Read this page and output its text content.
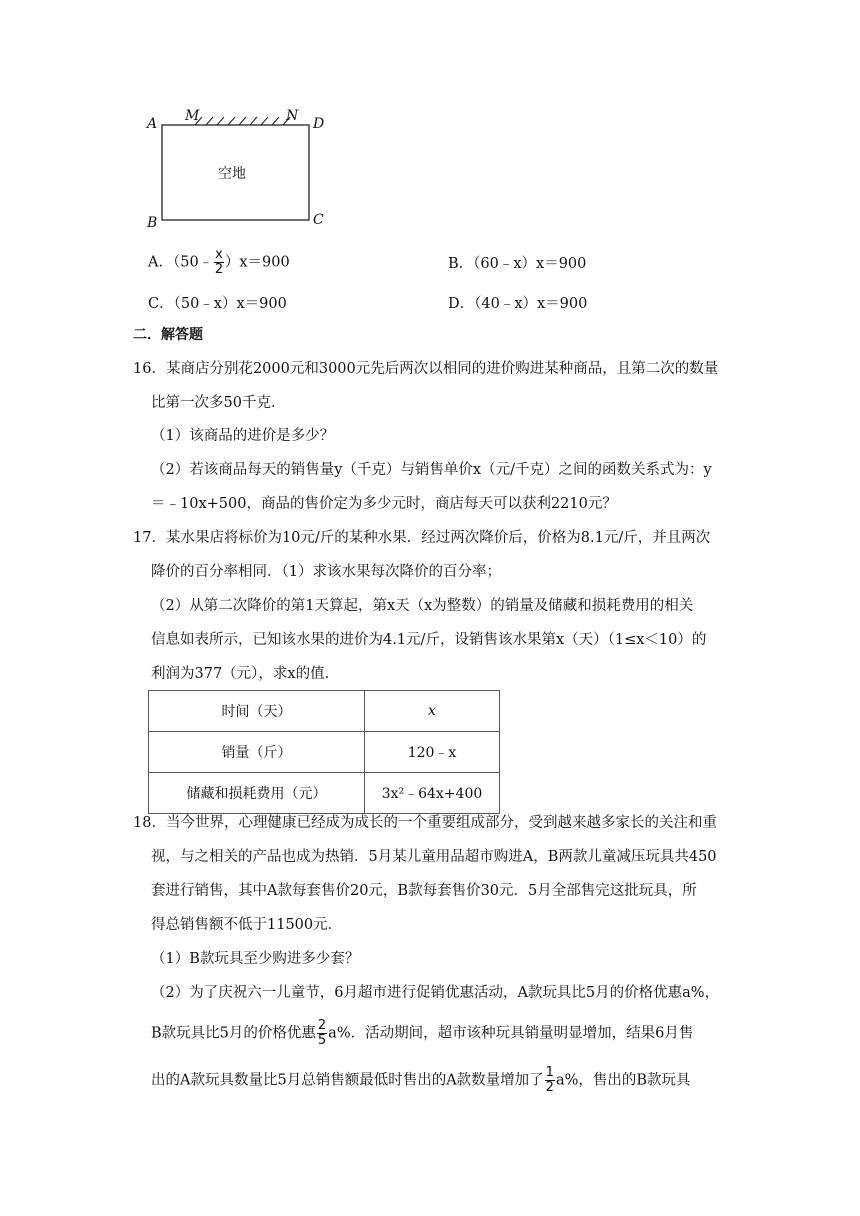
A M	N D
B	C
空地
A．（50﹣ $\frac{x}{2} )x=900$	B．（60﹣x）x＝900
C．（50﹣x）x＝900	D．（40﹣x）x＝900
二．解答题
16．某商店分别花2000元和3000元先后两次以相同的进价购进某种商品，且第二次的数量
比第一次多50千克．
（1）该商品的进价是多少？
（2）若该商品每天的销售量y（千克）与销售单价x（元/千克）之间的函数关系式为：y
＝﹣10x+500，商品的售价定为多少元时，商店每天可以获利2210元？
17．某水果店将标价为10元/斤的某种水果．经过两次降价后，价格为8.1元/斤，并且两次
降价的百分率相同．（1）求该水果每次降价的百分率；
（2）从第二次降价的第1天算起，第x天（x为整数）的销量及储藏和损耗费用的相关
信息如表所示，已知该水果的进价为4.1元/斤，设销售该水果第x（天）（1≤x＜10）的
利润为377（元），求x的值．
时间（天）	x
销量（斤）	120﹣x
储藏和损耗费用（元）	3x²﹣64x+400
18．当今世界，心理健康已经成为成长的一个重要组成部分，受到越来越多家长的关注和重
视，与之相关的产品也成为热销．5月某儿童用品超市购进A，B两款儿童减压玩具共450
套进行销售，其中A款每套售价20元，B款每套售价30元．5月全部售完这批玩具，所
得总销售额不低于11500元．
（1）B款玩具至少购进多少套？
（2）为了庆祝六一儿童节，6月超市进行促销优惠活动，A款玩具比5月的价格优惠a%，
B款玩具比5月的价格优惠 $\frac{2}{5} a\%$．活动期间，超市该种玩具销量明显增加，结果6月售
出的A款玩具数量比5月总销售额最低时售出的A款数量增加了 $\frac{1}{2} a\%$，售出的B款玩具
